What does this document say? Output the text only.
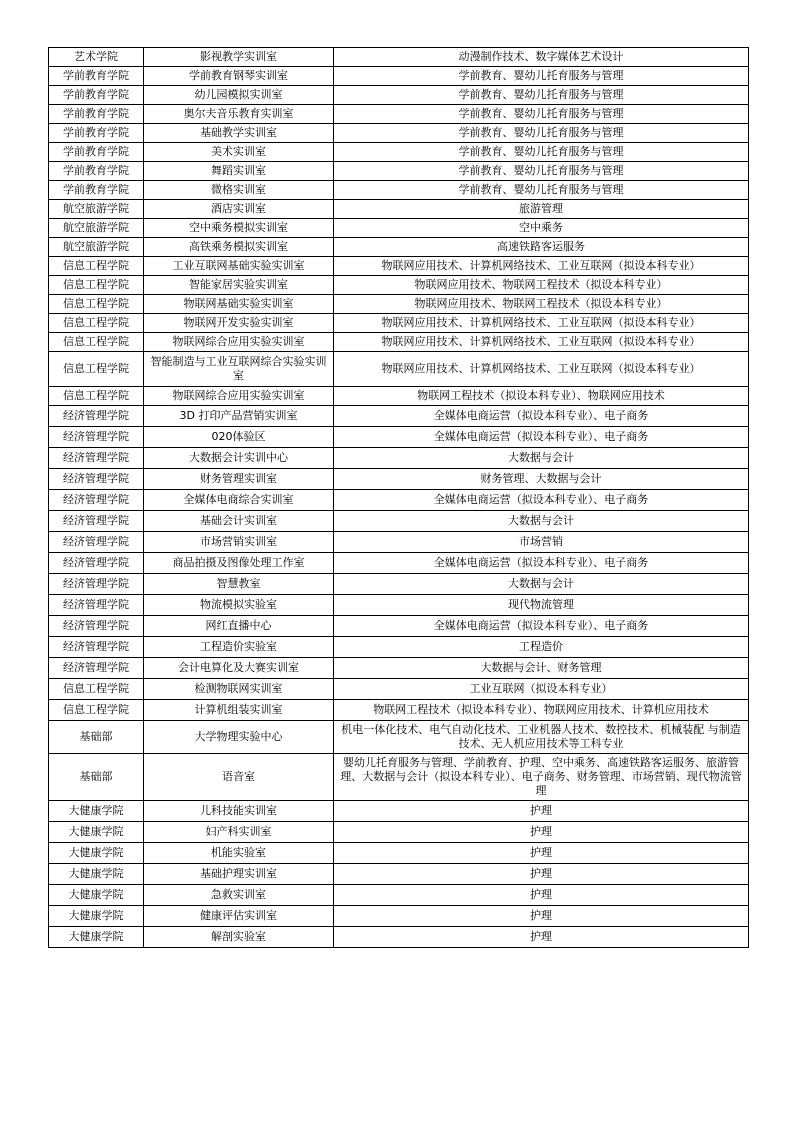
艺术学院	影视教学实训室	动漫制作技术、数字媒体艺术设计
学前教育学院	学前教育钢琴实训室	学前教育、婴幼儿托育服务与管理
学前教育学院	幼儿园模拟实训室	学前教育、婴幼儿托育服务与管理
学前教育学院	奥尔夫音乐教育实训室	学前教育、婴幼儿托育服务与管理
学前教育学院	基础教学实训室	学前教育、婴幼儿托育服务与管理
学前教育学院	美术实训室	学前教育、婴幼儿托育服务与管理
学前教育学院	舞蹈实训室	学前教育、婴幼儿托育服务与管理
学前教育学院	微格实训室	学前教育、婴幼儿托育服务与管理
航空旅游学院	酒店实训室	旅游管理
航空旅游学院	空中乘务模拟实训室	空中乘务
航空旅游学院	高铁乘务模拟实训室	高速铁路客运服务
信息工程学院	工业互联网基础实验实训室	物联网应用技术、计算机网络技术、工业互联网（拟设本科专业）
信息工程学院	智能家居实验实训室	物联网应用技术、物联网工程技术（拟设本科专业）
信息工程学院	物联网基础实验实训室	物联网应用技术、物联网工程技术（拟设本科专业）
信息工程学院	物联网开发实验实训室	物联网应用技术、计算机网络技术、工业互联网（拟设本科专业）
信息工程学院	物联网综合应用实验实训室	物联网应用技术、计算机网络技术、工业互联网（拟设本科专业）
信息工程学院	智能制造与工业互联网综合实验实训室	物联网应用技术、计算机网络技术、工业互联网（拟设本科专业）
信息工程学院	物联网综合应用实验实训室	物联网工程技术（拟设本科专业）、物联网应用技术
经济管理学院	3D 打印产品营销实训室	全媒体电商运营（拟设本科专业）、电子商务
经济管理学院	020体验区	全媒体电商运营（拟设本科专业）、电子商务
经济管理学院	大数据会计实训中心	大数据与会计
经济管理学院	财务管理实训室	财务管理、大数据与会计
经济管理学院	全媒体电商综合实训室	全媒体电商运营（拟设本科专业）、电子商务
经济管理学院	基础会计实训室	大数据与会计
经济管理学院	市场营销实训室	市场营销
经济管理学院	商品拍摄及图像处理工作室	全媒体电商运营（拟设本科专业）、电子商务
经济管理学院	智慧教室	大数据与会计
经济管理学院	物流模拟实验室	现代物流管理
经济管理学院	网红直播中心	全媒体电商运营（拟设本科专业）、电子商务
经济管理学院	工程造价实验室	工程造价
经济管理学院	会计电算化及大赛实训室	大数据与会计、财务管理
信息工程学院	检测物联网实训室	工业互联网（拟设本科专业）
信息工程学院	计算机组装实训室	物联网工程技术（拟设本科专业）、物联网应用技术、计算机应用技术
基础部	大学物理实验中心	机电一体化技术、电气自动化技术、工业机器人技术、数控技术、机械装配 与制造技术、无人机应用技术等工科专业
基础部	语音室	婴幼儿托育服务与管理、学前教育、护理、空中乘务、高速铁路客运服务、旅游管理、大数据与会计（拟设本科专业）、电子商务、财务管理、市场营销、现代物流管理
大健康学院	儿科技能实训室	护理
大健康学院	妇产科实训室	护理
大健康学院	机能实验室	护理
大健康学院	基础护理实训室	护理
大健康学院	急救实训室	护理
大健康学院	健康评估实训室	护理
大健康学院	解剖实验室	护理
